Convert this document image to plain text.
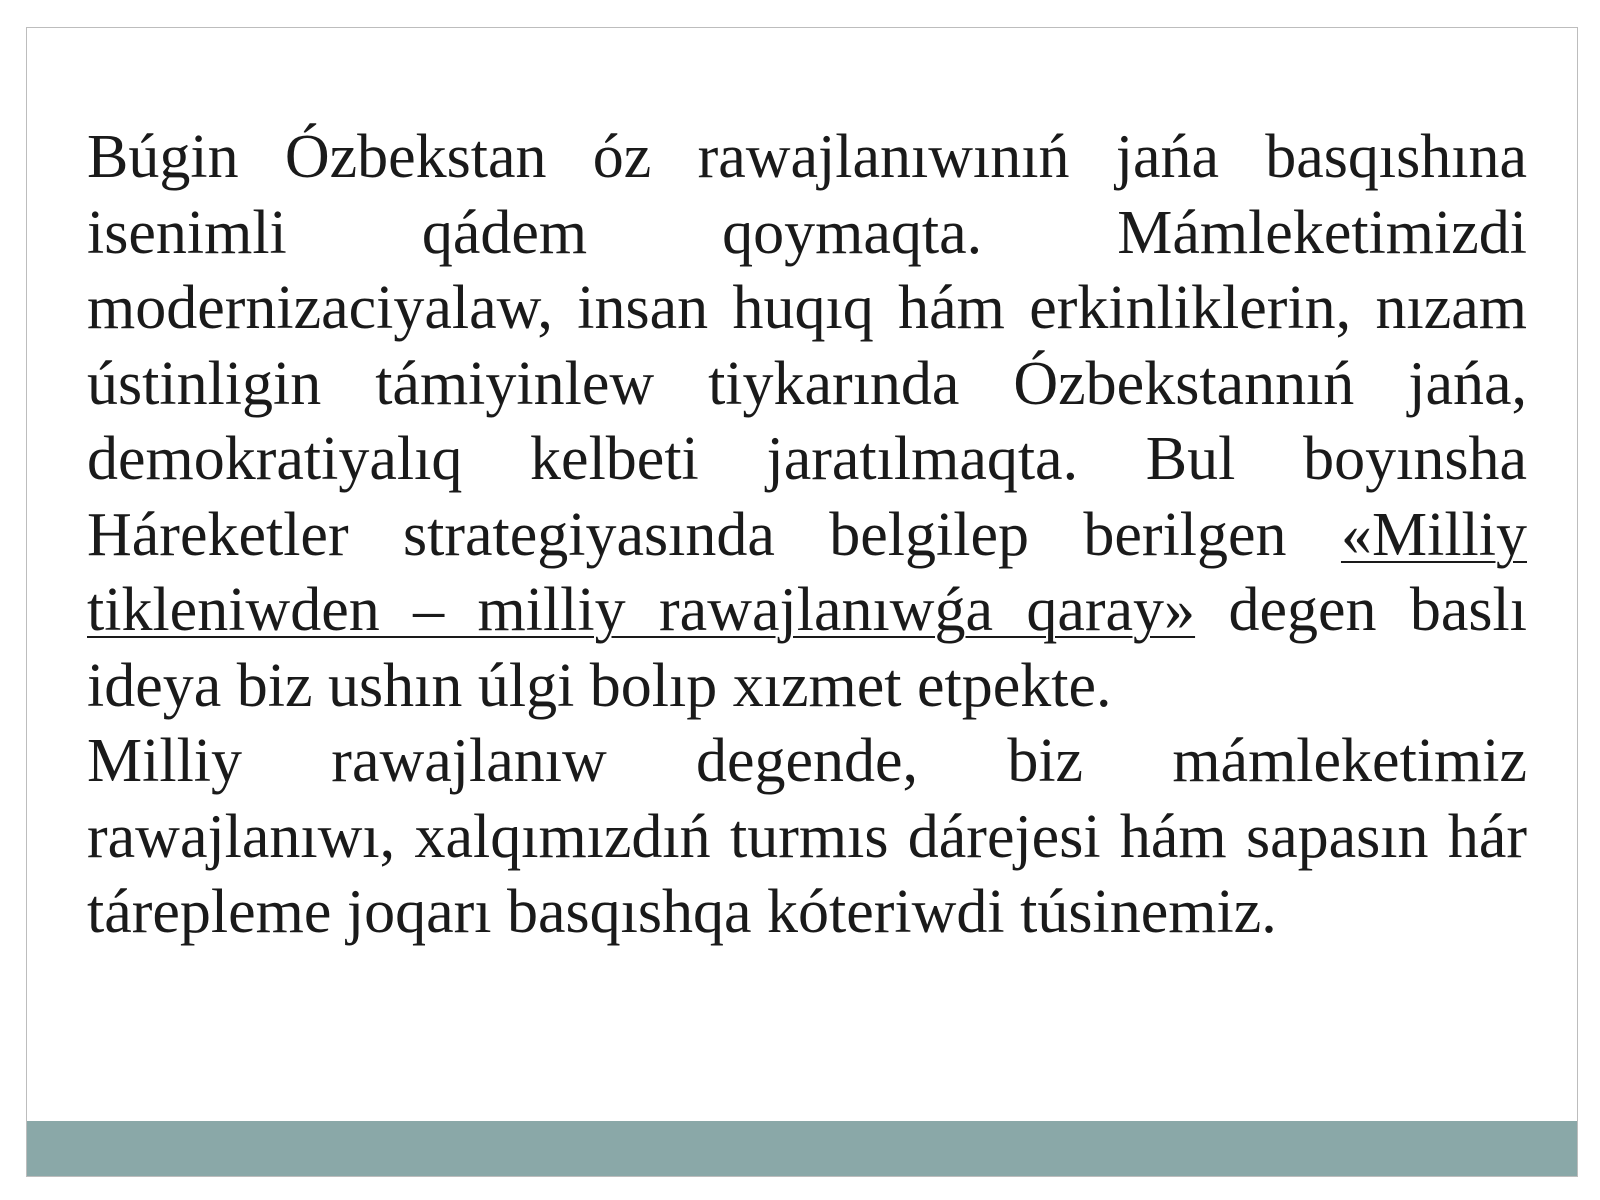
Búgin Ózbekstan óz rawajlanıwınıń jańa basqıshına isenimli qádem qoymaqta. Mámleketimizdi modernizaciyalaw, insan huqıq hám erkinliklerin, nızam ústinligin támiyinlew tiykarında Ózbekstannıń jańa, demokratiyalıq kelbeti jaratılmaqta. Bul boyınsha Háreketler strategiyasında belgilep berilgen «Milliy tikleniwden – milliy rawajlanıwǵa qaray» degen baslı ideya biz ushın úlgi bolıp xızmet etpekte.

Milliy rawajlanıw degende, biz mámleketimiz rawajlanıwı, xalqımızdıń turmıs dárejesi hám sapasın hár tárepleme joqarı basqıshqa kóteriwdi túsinemiz.
